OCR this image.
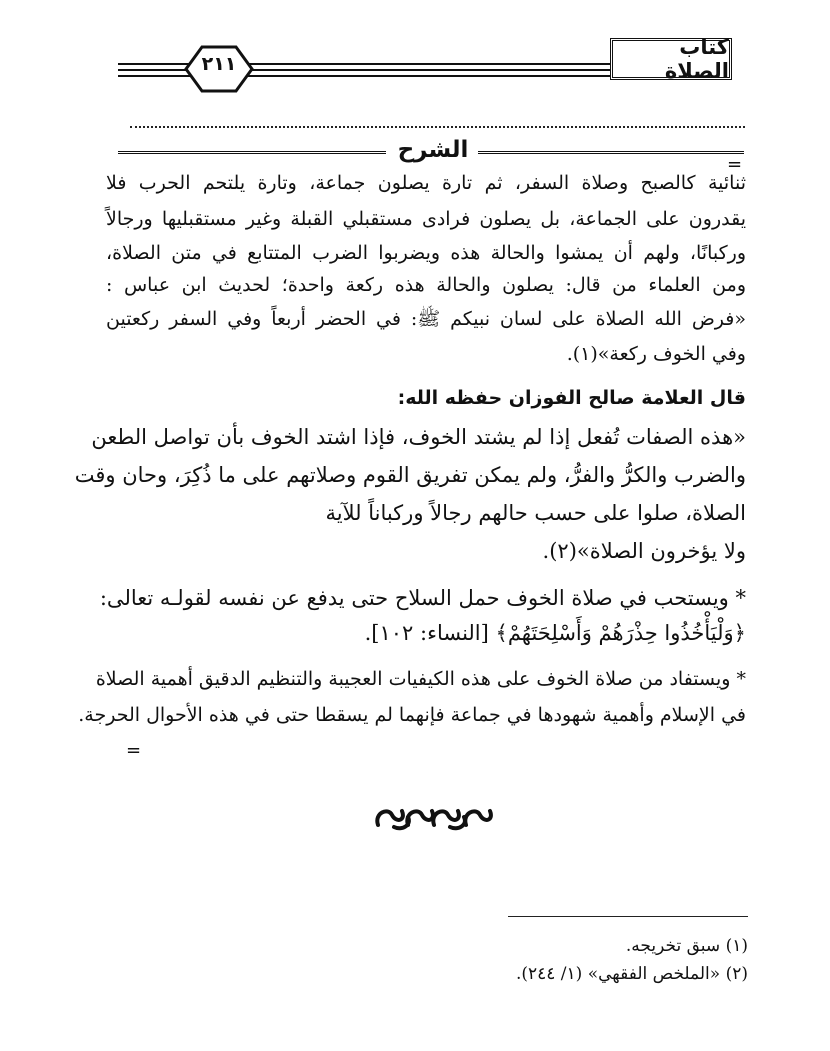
٢١١
كتاب الصلاة
الشرح
=
ثنائية كالصبح وصلاة السفر، ثم تارة يصلون جماعة، وتارة يلتحم الحرب فلا
يقدرون على الجماعة، بل يصلون فرادى مستقبلي القبلة وغير مستقبليها ورجالاً
وركبانًا، ولهم أن يمشوا والحالة هذه ويضربوا الضرب المتتابع في متن الصلاة،
ومن العلماء من قال: يصلون والحالة هذه ركعة واحدة؛ لحديث ابن عباس :
«فرض الله الصلاة على لسان نبيكم ﷺ: في الحضر أربعاً وفي السفر ركعتين
وفي الخوف ركعة»(١).
قال العلامة صالح الفوزان حفظه الله:
«هذه الصفات تُفعل إذا لم يشتد الخوف، فإذا اشتد الخوف بأن تواصل الطعن
والضرب والكرُّ والفرُّ، ولم يمكن تفريق القوم وصلاتهم على ما ذُكِرَ، وحان وقت
الصلاة، صلوا على حسب حالهم رجالاً وركباناً للآية
ولا يؤخرون الصلاة»(٢).
* ويستحب في صلاة الخوف حمل السلاح حتى يدفع عن نفسه لقولـه تعالى:
﴿وَلْيَأْخُذُوا حِذْرَهُمْ وَأَسْلِحَتَهُمْ﴾ [النساء: ١٠٢].
* ويستفاد من صلاة الخوف على هذه الكيفيات العجيبة والتنظيم الدقيق أهمية الصلاة
في الإسلام وأهمية شهودها في جماعة فإنهما لم يسقطا حتى في هذه الأحوال الحرجة.
=
(١) سبق تخريجه.
(٢) «الملخص الفقهي» (١/ ٢٤٤).
